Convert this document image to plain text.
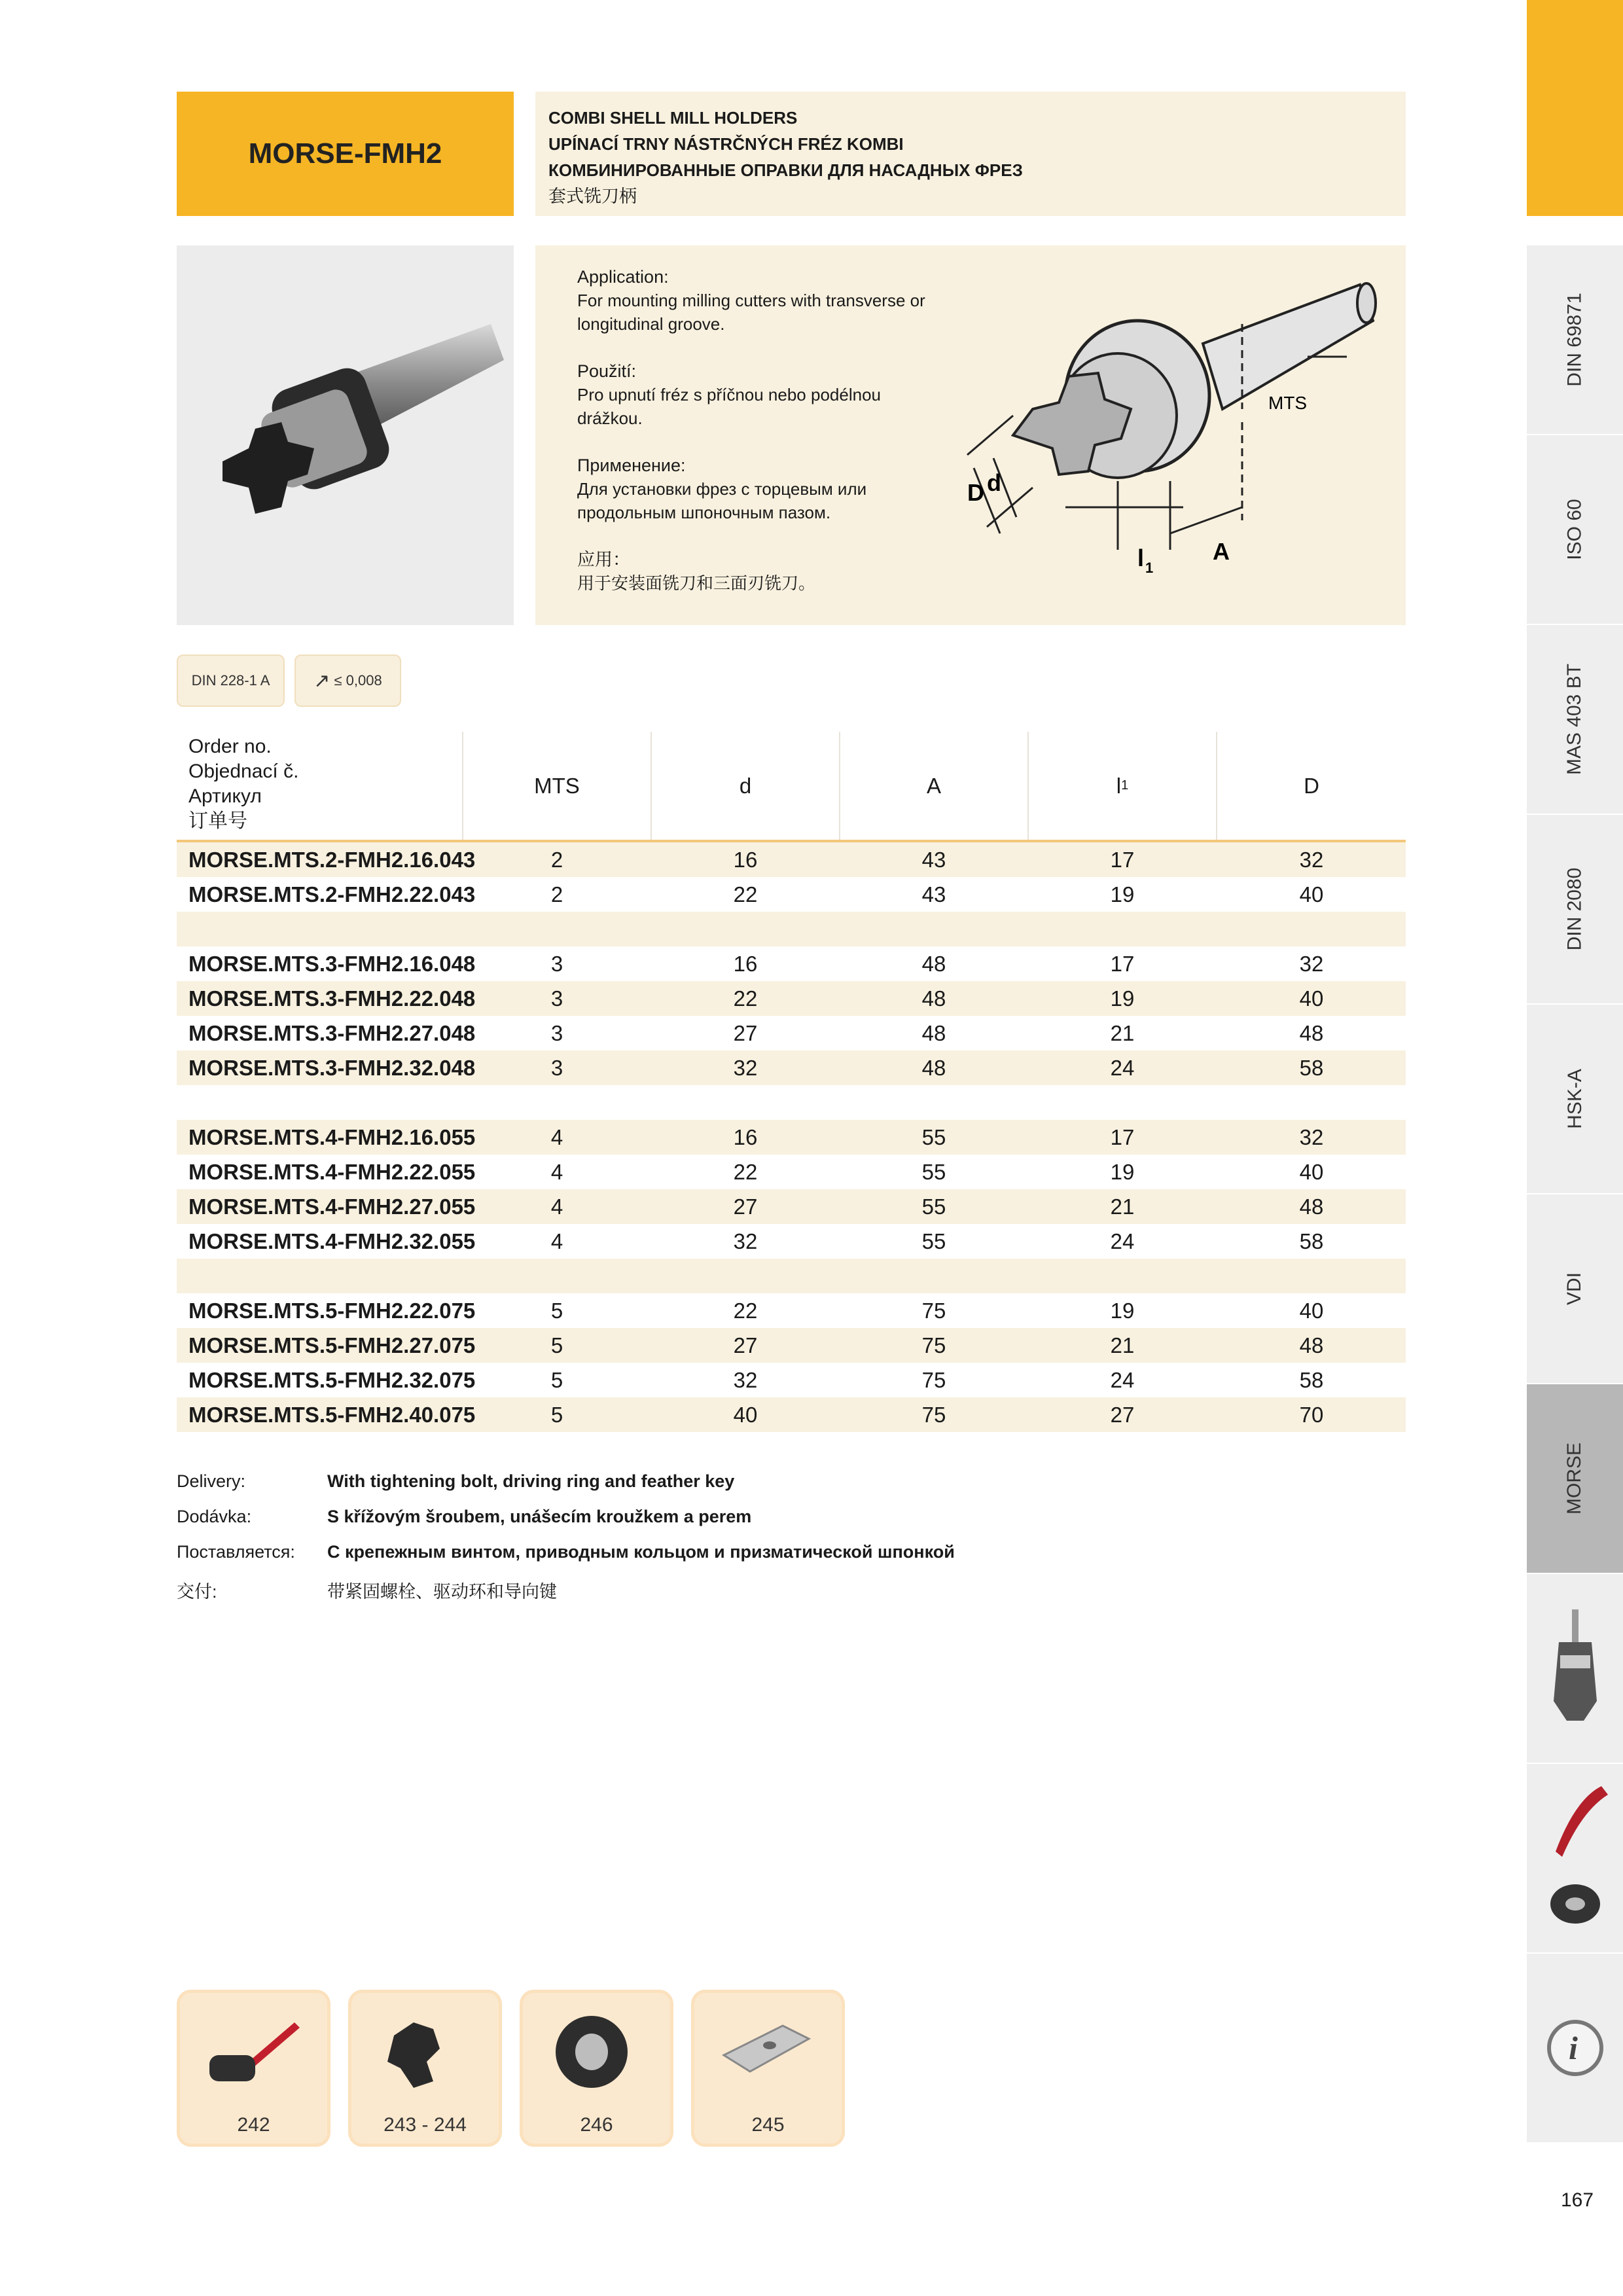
MORSE-FMH2
COMBI SHELL MILL HOLDERS
UPÍNACÍ TRNY NÁSTRČNÝCH FRÉZ KOMBI
КОМБИНИРОВАННЫЕ ОПРАВКИ ДЛЯ НАСАДНЫХ ФРЕЗ
套式铣刀柄
Application:
For mounting milling cutters with transverse or longitudinal groove.
Použití:
Pro upnutí fréz s příčnou nebo podélnou drážkou.
Применение:
Для установки фрез с торцевым или продольным шпоночным пазом.
应用：
用于安装面铣刀和三面刃铣刀。
MTS
D d
l 1
A
DIN 228-1 A ↗ ≤ 0,008
Order no.
Objednací č.
Артикул
订单号
MTS	d	A	l 1	D
MORSE.MTS.2-FMH2.16.043	2	16	43	17	32
MORSE.MTS.2-FMH2.22.043	2	22	43	19	40
MORSE.MTS.3-FMH2.16.048	3	16	48	17	32
MORSE.MTS.3-FMH2.22.048	3	22	48	19	40
MORSE.MTS.3-FMH2.27.048	3	27	48	21	48
MORSE.MTS.3-FMH2.32.048	3	32	48	24	58
MORSE.MTS.4-FMH2.16.055	4	16	55	17	32
MORSE.MTS.4-FMH2.22.055	4	22	55	19	40
MORSE.MTS.4-FMH2.27.055	4	27	55	21	48
MORSE.MTS.4-FMH2.32.055	4	32	55	24	58
MORSE.MTS.5-FMH2.22.075	5	22	75	19	40
MORSE.MTS.5-FMH2.27.075	5	27	75	21	48
MORSE.MTS.5-FMH2.32.075	5	32	75	24	58
MORSE.MTS.5-FMH2.40.075	5	40	75	27	70
Delivery:	With tightening bolt, driving ring and feather key
Dodávka:	S křížovým šroubem, unášecím kroužkem a perem
Поставляется: С крепежным винтом, приводным кольцом и призматической шпонкой
交付:	带紧固螺栓、驱动环和导向键
DIN 69871
ISO 60
MAS 403 BT
DIN 2080
HSK-A
VDI
MORSE
i
242	243 - 244	246	245
167
